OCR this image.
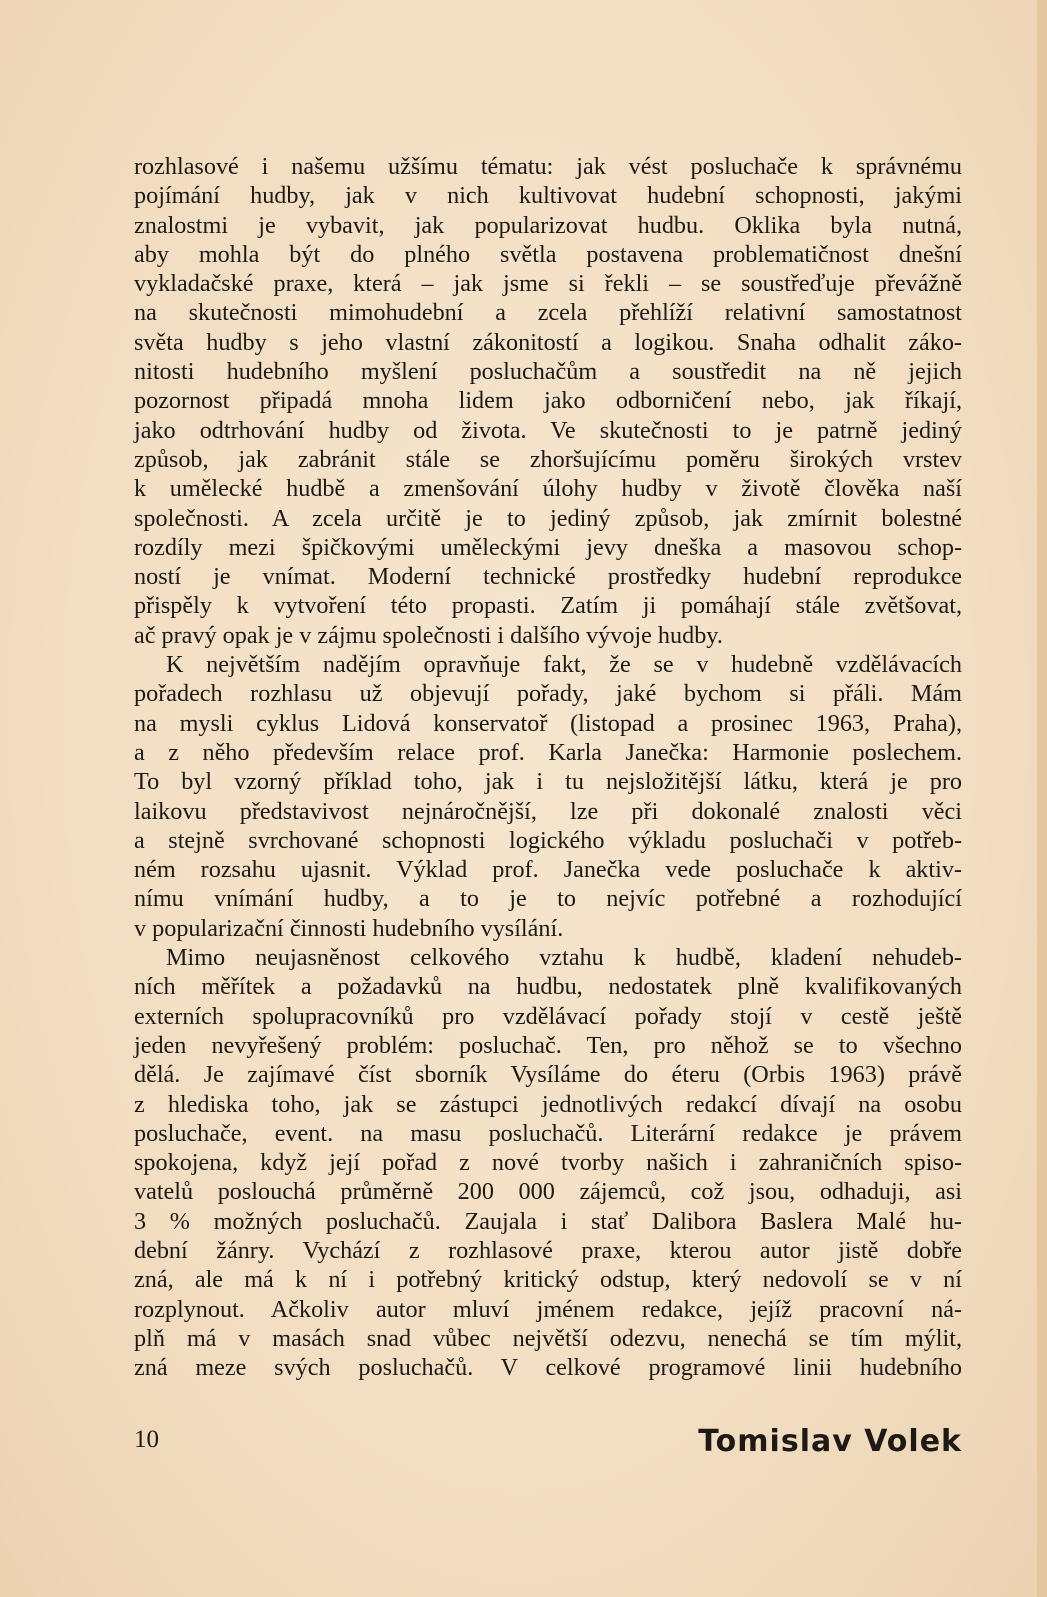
rozhlasové i našemu užšímu tématu: jak vést posluchače k správnému
pojímání hudby, jak v nich kultivovat hudební schopnosti, jakými
znalostmi je vybavit, jak popularizovat hudbu. Oklika byla nutná,
aby mohla být do plného světla postavena problematičnost dnešní
vykladačské praxe, která – jak jsme si řekli – se soustřeďuje převážně
na skutečnosti mimohudební a zcela přehlíží relativní samostatnost
světa hudby s jeho vlastní zákonitostí a logikou. Snaha odhalit záko-
nitosti hudebního myšlení posluchačům a soustředit na ně jejich
pozornost připadá mnoha lidem jako odborničení nebo, jak říkají,
jako odtrhování hudby od života. Ve skutečnosti to je patrně jediný
způsob, jak zabránit stále se zhoršujícímu poměru širokých vrstev
k umělecké hudbě a zmenšování úlohy hudby v životě člověka naší
společnosti. A zcela určitě je to jediný způsob, jak zmírnit bolestné
rozdíly mezi špičkovými uměleckými jevy dneška a masovou schop-
ností je vnímat. Moderní technické prostředky hudební reprodukce
přispěly k vytvoření této propasti. Zatím ji pomáhají stále zvětšovat,
ač pravý opak je v zájmu společnosti i dalšího vývoje hudby.
K největším nadějím opravňuje fakt, že se v hudebně vzdělávacích
pořadech rozhlasu už objevují pořady, jaké bychom si přáli. Mám
na mysli cyklus Lidová konservatoř (listopad a prosinec 1963, Praha),
a z něho především relace prof. Karla Janečka: Harmonie poslechem.
To byl vzorný příklad toho, jak i tu nejsložitější látku, která je pro
laikovu představivost nejnáročnější, lze při dokonalé znalosti věci
a stejně svrchované schopnosti logického výkladu posluchači v potřeb-
ném rozsahu ujasnit. Výklad prof. Janečka vede posluchače k aktiv-
nímu vnímání hudby, a to je to nejvíc potřebné a rozhodující
v popularizační činnosti hudebního vysílání.
Mimo neujasněnost celkového vztahu k hudbě, kladení nehudeb-
ních měřítek a požadavků na hudbu, nedostatek plně kvalifikovaných
externích spolupracovníků pro vzdělávací pořady stojí v cestě ještě
jeden nevyřešený problém: posluchač. Ten, pro něhož se to všechno
dělá. Je zajímavé číst sborník Vysíláme do éteru (Orbis 1963) právě
z hlediska toho, jak se zástupci jednotlivých redakcí dívají na osobu
posluchače, event. na masu posluchačů. Literární redakce je právem
spokojena, když její pořad z nové tvorby našich i zahraničních spiso-
vatelů poslouchá průměrně 200 000 zájemců, což jsou, odhaduji, asi
3 % možných posluchačů. Zaujala i stať Dalibora Baslera Malé hu-
dební žánry. Vychází z rozhlasové praxe, kterou autor jistě dobře
zná, ale má k ní i potřebný kritický odstup, který nedovolí se v ní
rozplynout. Ačkoliv autor mluví jménem redakce, jejíž pracovní ná-
plň má v masách snad vůbec největší odezvu, nenechá se tím mýlit,
zná meze svých posluchačů. V celkové programové linii hudebního
10	Tomislav Volek
